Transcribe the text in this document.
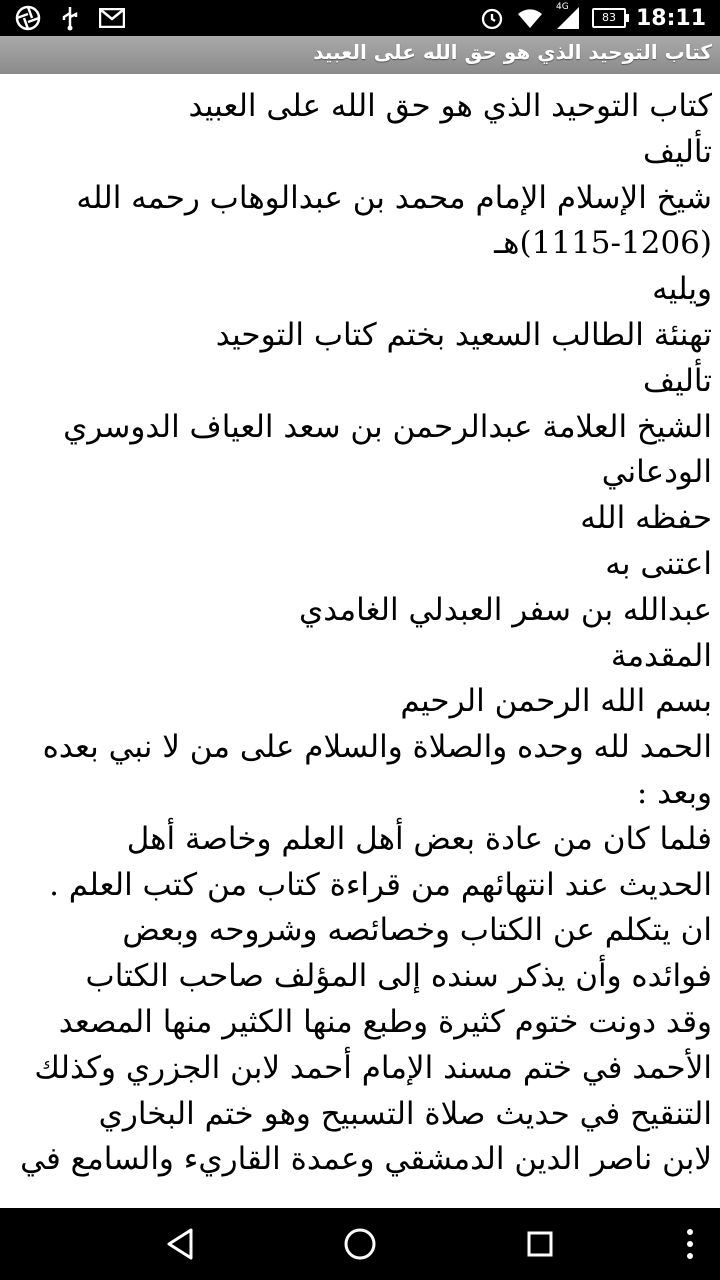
4G
83 18:11
كتاب التوحيد الذي هو حق الله على العبيد
كتاب التوحيد الذي هو حق الله على العبيد
تأليف
شيخ الإسلام الإمام محمد بن عبدالوهاب رحمه الله
(1115-1206)هـ
ويليه
تهنئة الطالب السعيد بختم كتاب التوحيد
تأليف
الشيخ العلامة عبدالرحمن بن سعد العياف الدوسري
الودعاني
حفظه الله
اعتنى به
عبدالله بن سفر العبدلي الغامدي
المقدمة
بسم الله الرحمن الرحيم
الحمد لله وحده والصلاة والسلام على من لا نبي بعده
وبعد :
فلما كان من عادة بعض أهل العلم وخاصة أهل
الحديث عند انتهائهم من قراءة كتاب من كتب العلم .
ان يتكلم عن الكتاب وخصائصه وشروحه وبعض
فوائده وأن يذكر سنده إلى المؤلف صاحب الكتاب
وقد دونت ختوم كثيرة وطبع منها الكثير منها المصعد
الأحمد في ختم مسند الإمام أحمد لابن الجزري وكذلك
التنقيح في حديث صلاة التسبيح وهو ختم البخاري
لابن ناصر الدين الدمشقي وعمدة القاريء والسامع في
